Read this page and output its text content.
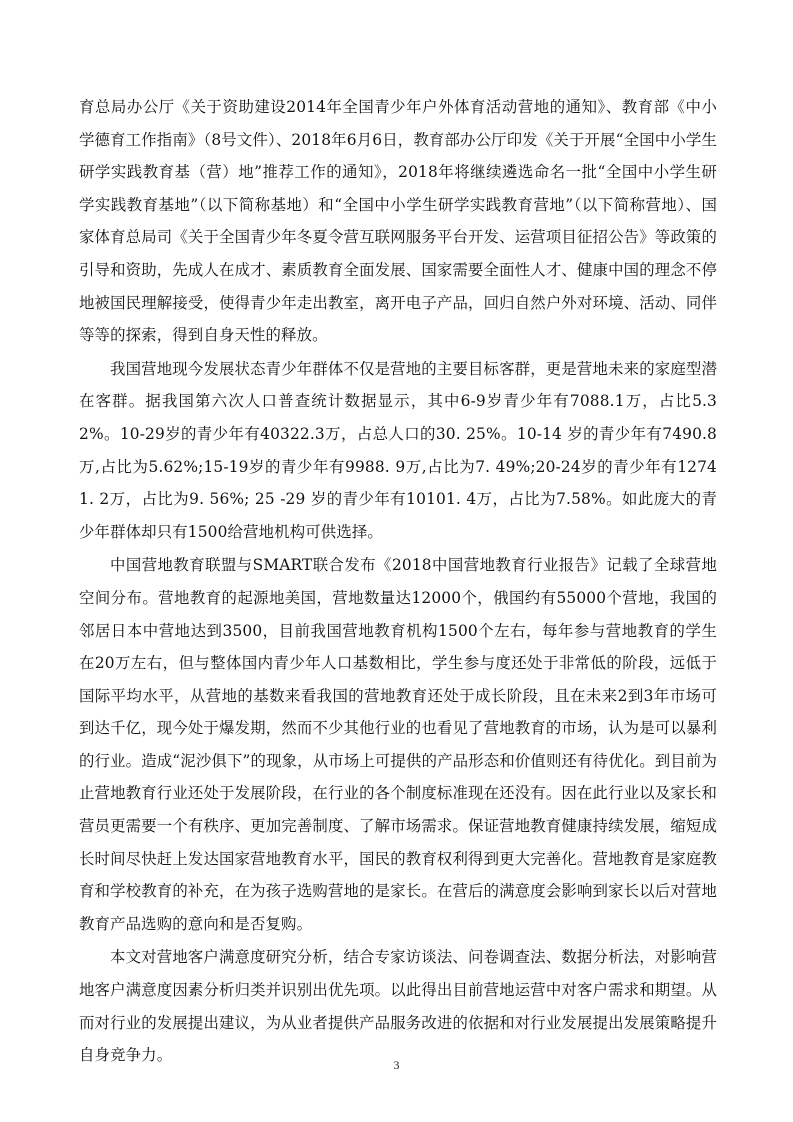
育总局办公厅《关于资助建设2014年全国青少年户外体育活动营地的通知》、教育部《中小学德育工作指南》（8号文件）、2018年6月6日，教育部办公厅印发《关于开展“全国中小学生研学实践教育基（营）地”推荐工作的通知》，2018年将继续遴选命名一批“全国中小学生研学实践教育基地”（以下简称基地）和“全国中小学生研学实践教育营地”（以下简称营地）、国家体育总局司《关于全国青少年冬夏令营互联网服务平台开发、运营项目征招公告》等政策的引导和资助，先成人在成才、素质教育全面发展、国家需要全面性人才、健康中国的理念不停地被国民理解接受，使得青少年走出教室，离开电子产品，回归自然户外对环境、活动、同伴等等的探索，得到自身天性的释放。

我国营地现今发展状态青少年群体不仅是营地的主要目标客群，更是营地未来的家庭型潜在客群。据我国第六次人口普查统计数据显示，其中6-9岁青少年有7088.1万，占比5.32%。10-29岁的青少年有40322.3万，占总人口的30. 25%。10-14 岁的青少年有7490.8万,占比为5.62%;15-19岁的青少年有9988. 9万,占比为7. 49%;20-24岁的青少年有12741. 2万，占比为9. 56%; 25 -29 岁的青少年有10101. 4万，占比为7.58%。如此庞大的青少年群体却只有1500给营地机构可供选择。

中国营地教育联盟与SMART联合发布《2018中国营地教育行业报告》记载了全球营地空间分布。营地教育的起源地美国，营地数量达12000个，俄国约有55000个营地，我国的邻居日本中营地达到3500，目前我国营地教育机构1500个左右，每年参与营地教育的学生在20万左右，但与整体国内青少年人口基数相比，学生参与度还处于非常低的阶段，远低于国际平均水平，从营地的基数来看我国的营地教育还处于成长阶段，且在未来2到3年市场可到达千亿，现今处于爆发期，然而不少其他行业的也看见了营地教育的市场，认为是可以暴利的行业。造成“泥沙俱下”的现象，从市场上可提供的产品形态和价值则还有待优化。到目前为止营地教育行业还处于发展阶段，在行业的各个制度标准现在还没有。因在此行业以及家长和营员更需要一个有秩序、更加完善制度、了解市场需求。保证营地教育健康持续发展，缩短成长时间尽快赶上发达国家营地教育水平，国民的教育权利得到更大完善化。营地教育是家庭教育和学校教育的补充，在为孩子选购营地的是家长。在营后的满意度会影响到家长以后对营地教育产品选购的意向和是否复购。

本文对营地客户满意度研究分析，结合专家访谈法、问卷调查法、数据分析法，对影响营地客户满意度因素分析归类并识别出优先项。以此得出目前营地运营中对客户需求和期望。从而对行业的发展提出建议，为从业者提供产品服务改进的依据和对行业发展提出发展策略提升自身竞争力。

3
